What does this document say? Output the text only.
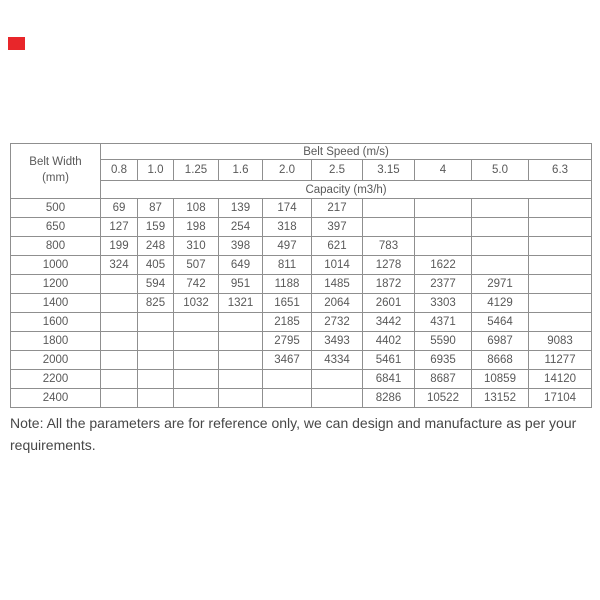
Belt Width
(mm)	Belt Speed (m/s)									
	0.8	1.0	1.25	1.6	2.0	2.5	3.15	4	5.0	6.3
	Capacity (m3/h)									
500	69	87	108	139	174	217				
650	127	159	198	254	318	397				
800	199	248	310	398	497	621	783			
1000	324	405	507	649	811	1014	1278	1622		
1200		594	742	951	1188	1485	1872	2377	2971	
1400		825	1032	1321	1651	2064	2601	3303	4129	
1600					2185	2732	3442	4371	5464	
1800					2795	3493	4402	5590	6987	9083
2000					3467	4334	5461	6935	8668	11277
2200							6841	8687	10859	14120
2400							8286	10522	13152	17104

Note: All the parameters are for reference only, we can design and manufacture as per your requirements.
